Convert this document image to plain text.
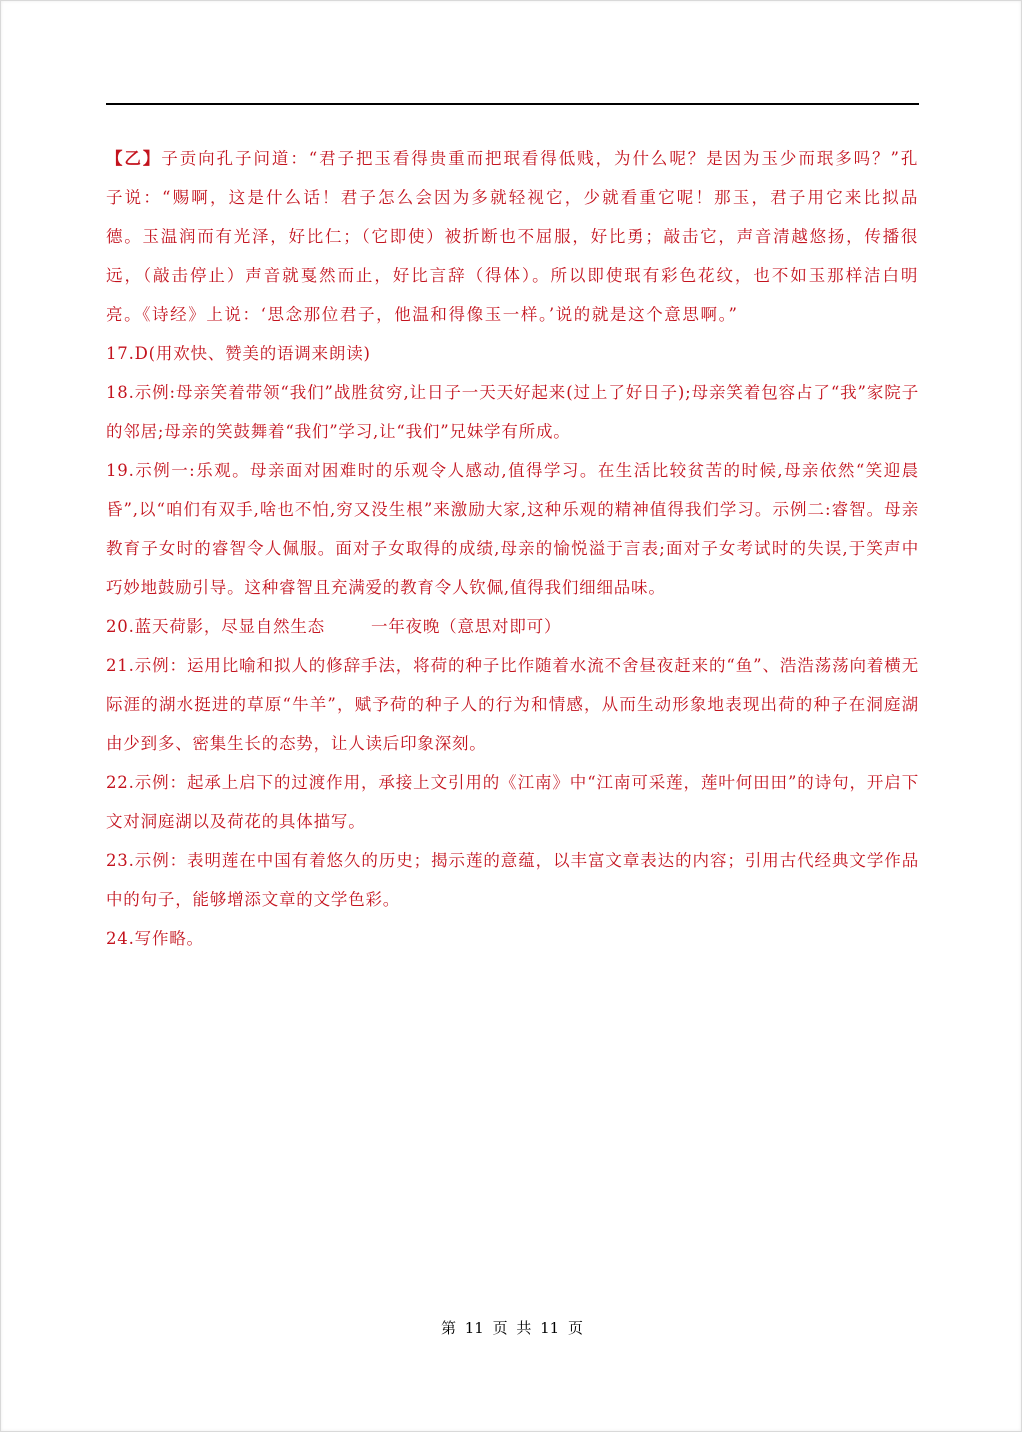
【乙】子贡向孔子问道：“君子把玉看得贵重而把珉看得低贱，为什么呢？是因为玉少而珉多吗？”孔子说：“赐啊，这是什么话！君子怎么会因为多就轻视它，少就看重它呢！那玉，君子用它来比拟品德。玉温润而有光泽，好比仁；（它即使）被折断也不屈服，好比勇；敲击它，声音清越悠扬，传播很远，（敲击停止）声音就戛然而止，好比言辞（得体）。所以即使珉有彩色花纹，也不如玉那样洁白明亮。《诗经》上说：‘思念那位君子，他温和得像玉一样。’说的就是这个意思啊。”

17.D(用欢快、赞美的语调来朗读)

18.示例:母亲笑着带领“我们”战胜贫穷,让日子一天天好起来(过上了好日子);母亲笑着包容占了“我”家院子的邻居;母亲的笑鼓舞着“我们”学习,让“我们”兄妹学有所成。

19.示例一:乐观。母亲面对困难时的乐观令人感动,值得学习。在生活比较贫苦的时候,母亲依然“笑迎晨昏”,以“咱们有双手,啥也不怕,穷又没生根”来激励大家,这种乐观的精神值得我们学习。示例二:睿智。母亲教育子女时的睿智令人佩服。面对子女取得的成绩,母亲的愉悦溢于言表;面对子女考试时的失误,于笑声中巧妙地鼓励引导。这种睿智且充满爱的教育令人钦佩,值得我们细细品味。

20.蓝天荷影，尽显自然生态	一年夜晚（意思对即可）

21.示例：运用比喻和拟人的修辞手法，将荷的种子比作随着水流不舍昼夜赶来的“鱼”、浩浩荡荡向着横无际涯的湖水挺进的草原“牛羊”，赋予荷的种子人的行为和情感，从而生动形象地表现出荷的种子在洞庭湖由少到多、密集生长的态势，让人读后印象深刻。

22.示例：起承上启下的过渡作用，承接上文引用的《江南》中“江南可采莲，莲叶何田田”的诗句，开启下文对洞庭湖以及荷花的具体描写。

23.示例：表明莲在中国有着悠久的历史；揭示莲的意蕴，以丰富文章表达的内容；引用古代经典文学作品中的句子，能够增添文章的文学色彩。

24.写作略。

第 11 页 共 11 页
